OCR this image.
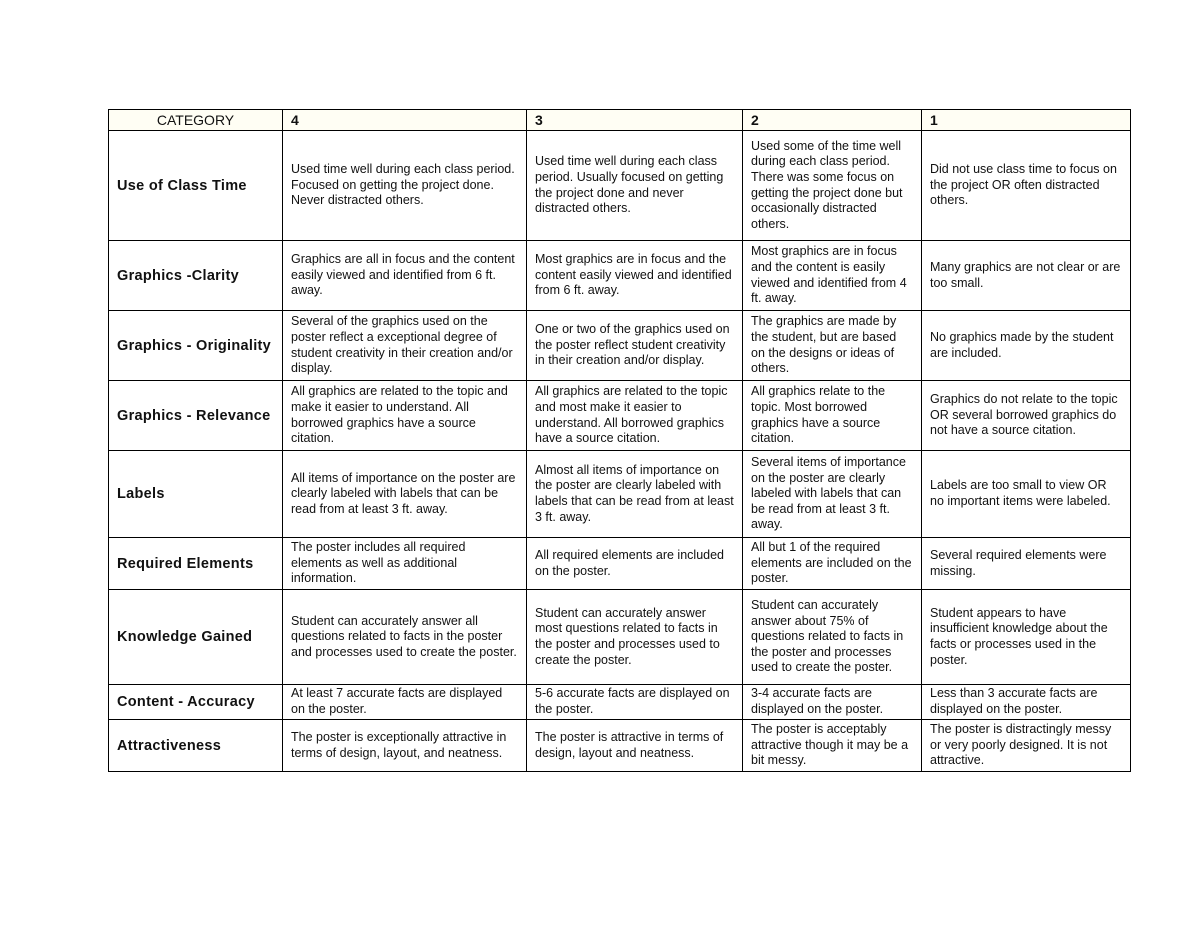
CATEGORY	4	3	2	1
Use of Class Time	Used time well during each class period. Focused on getting the project done. Never distracted others.	Used time well during each class period. Usually focused on getting the project done and never distracted others.	Used some of the time well during each class period. There was some focus on getting the project done but occasionally distracted others.	Did not use class time to focus on the project OR often distracted others.
Graphics -Clarity	Graphics are all in focus and the content easily viewed and identified from 6 ft. away.	Most graphics are in focus and the content easily viewed and identified from 6 ft. away.	Most graphics are in focus and the content is easily viewed and identified from 4 ft. away.	Many graphics are not clear or are too small.
Graphics - Originality	Several of the graphics used on the poster reflect a exceptional degree of student creativity in their creation and/or display.	One or two of the graphics used on the poster reflect student creativity in their creation and/or display.	The graphics are made by the student, but are based on the designs or ideas of others.	No graphics made by the student are included.
Graphics - Relevance	All graphics are related to the topic and make it easier to understand. All borrowed graphics have a source citation.	All graphics are related to the topic and most make it easier to understand. All borrowed graphics have a source citation.	All graphics relate to the topic. Most borrowed graphics have a source citation.	Graphics do not relate to the topic OR several borrowed graphics do not have a source citation.
Labels	All items of importance on the poster are clearly labeled with labels that can be read from at least 3 ft. away.	Almost all items of importance on the poster are clearly labeled with labels that can be read from at least 3 ft. away.	Several items of importance on the poster are clearly labeled with labels that can be read from at least 3 ft. away.	Labels are too small to view OR no important items were labeled.
Required Elements	The poster includes all required elements as well as additional information.	All required elements are included on the poster.	All but 1 of the required elements are included on the poster.	Several required elements were missing.
Knowledge Gained	Student can accurately answer all questions related to facts in the poster and processes used to create the poster.	Student can accurately answer most questions related to facts in the poster and processes used to create the poster.	Student can accurately answer about 75% of questions related to facts in the poster and processes used to create the poster.	Student appears to have insufficient knowledge about the facts or processes used in the poster.
Content - Accuracy	At least 7 accurate facts are displayed on the poster.	5-6 accurate facts are displayed on the poster.	3-4 accurate facts are displayed on the poster.	Less than 3 accurate facts are displayed on the poster.
Attractiveness	The poster is exceptionally attractive in terms of design, layout, and neatness.	The poster is attractive in terms of design, layout and neatness.	The poster is acceptably attractive though it may be a bit messy.	The poster is distractingly messy or very poorly designed. It is not attractive.
